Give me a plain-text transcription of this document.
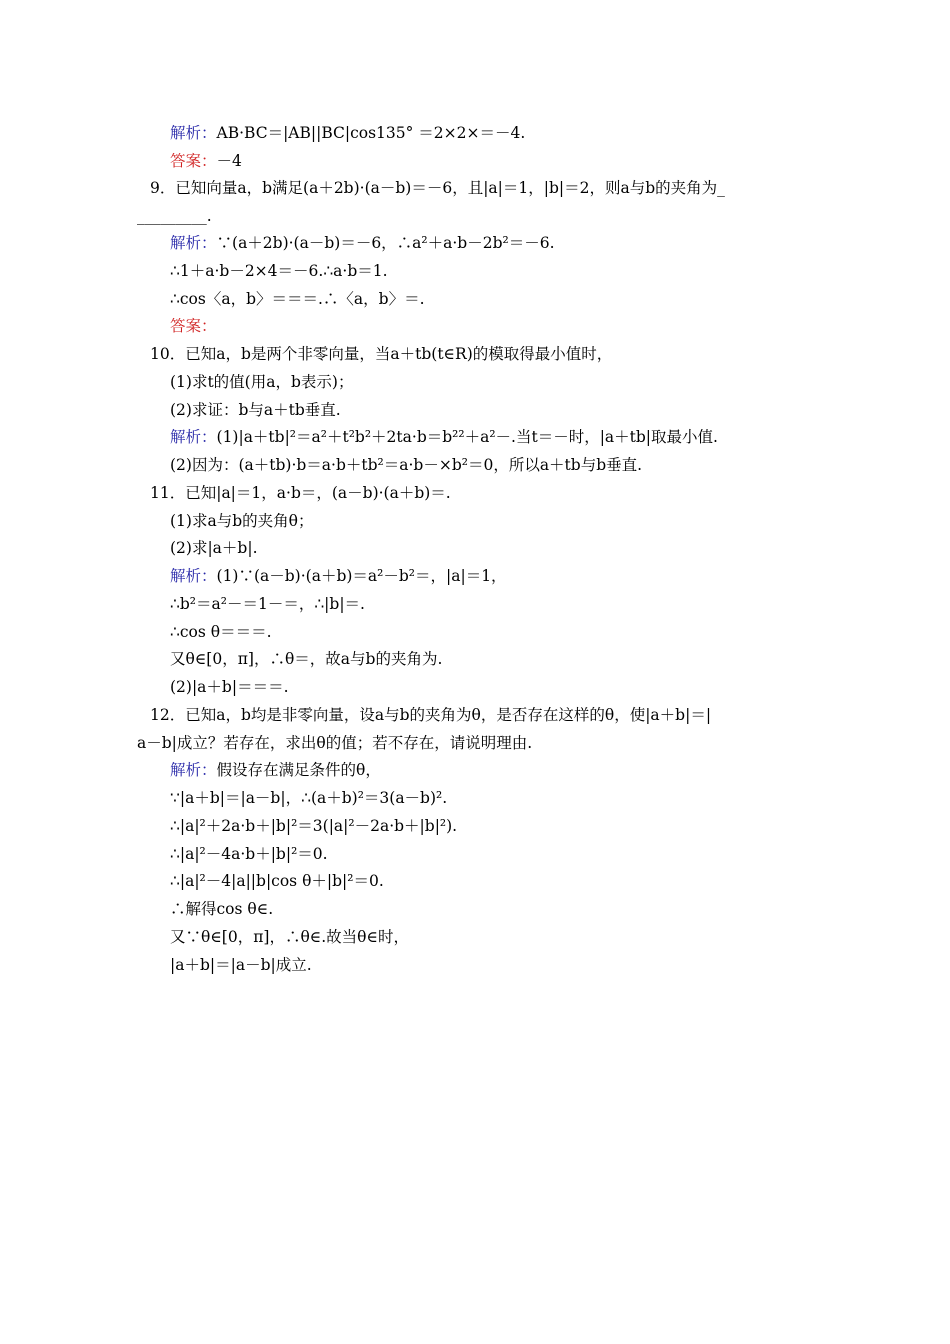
解析：AB·BC＝|AB||BC|cos135° ＝2×2×＝－4.
答案：－4
9．已知向量a，b满足(a＋2b)·(a－b)＝－6，且|a|＝1，|b|＝2，则a与b的夹角为_
_________.
解析：∵(a＋2b)·(a－b)＝－6，∴a²＋a·b－2b²＝－6.
∴1＋a·b－2×4＝－6.∴a·b＝1.
∴cos〈a，b〉＝＝＝.∴〈a，b〉＝.
答案：
10．已知a，b是两个非零向量，当a＋tb(t∈R)的模取得最小值时，
(1)求t的值(用a，b表示)；
(2)求证：b与a＋tb垂直.
解析：(1)|a＋tb|²＝a²＋t²b²＋2ta·b＝b²²＋a²－.当t＝－时，|a＋tb|取最小值.
(2)因为：(a＋tb)·b＝a·b＋tb²＝a·b－×b²＝0，所以a＋tb与b垂直.
11．已知|a|＝1，a·b＝，(a－b)·(a＋b)＝.
(1)求a与b的夹角θ；
(2)求|a＋b|.
解析：(1)∵(a－b)·(a＋b)＝a²－b²＝，|a|＝1，
∴b²＝a²－＝1－＝，∴|b|＝.
∴cos θ＝＝＝.
又θ∈[0，π]，∴θ＝，故a与b的夹角为.
(2)|a＋b|＝＝＝.
12．已知a，b均是非零向量，设a与b的夹角为θ，是否存在这样的θ，使|a＋b|＝|
a－b|成立？若存在，求出θ的值；若不存在，请说明理由.
解析：假设存在满足条件的θ，
∵|a＋b|＝|a－b|，∴(a＋b)²＝3(a－b)².
∴|a|²＋2a·b＋|b|²＝3(|a|²－2a·b＋|b|²).
∴|a|²－4a·b＋|b|²＝0.
∴|a|²－4|a||b|cos θ＋|b|²＝0.
∴解得cos θ∈.
又∵θ∈[0，π]，∴θ∈.故当θ∈时，
|a＋b|＝|a－b|成立.
